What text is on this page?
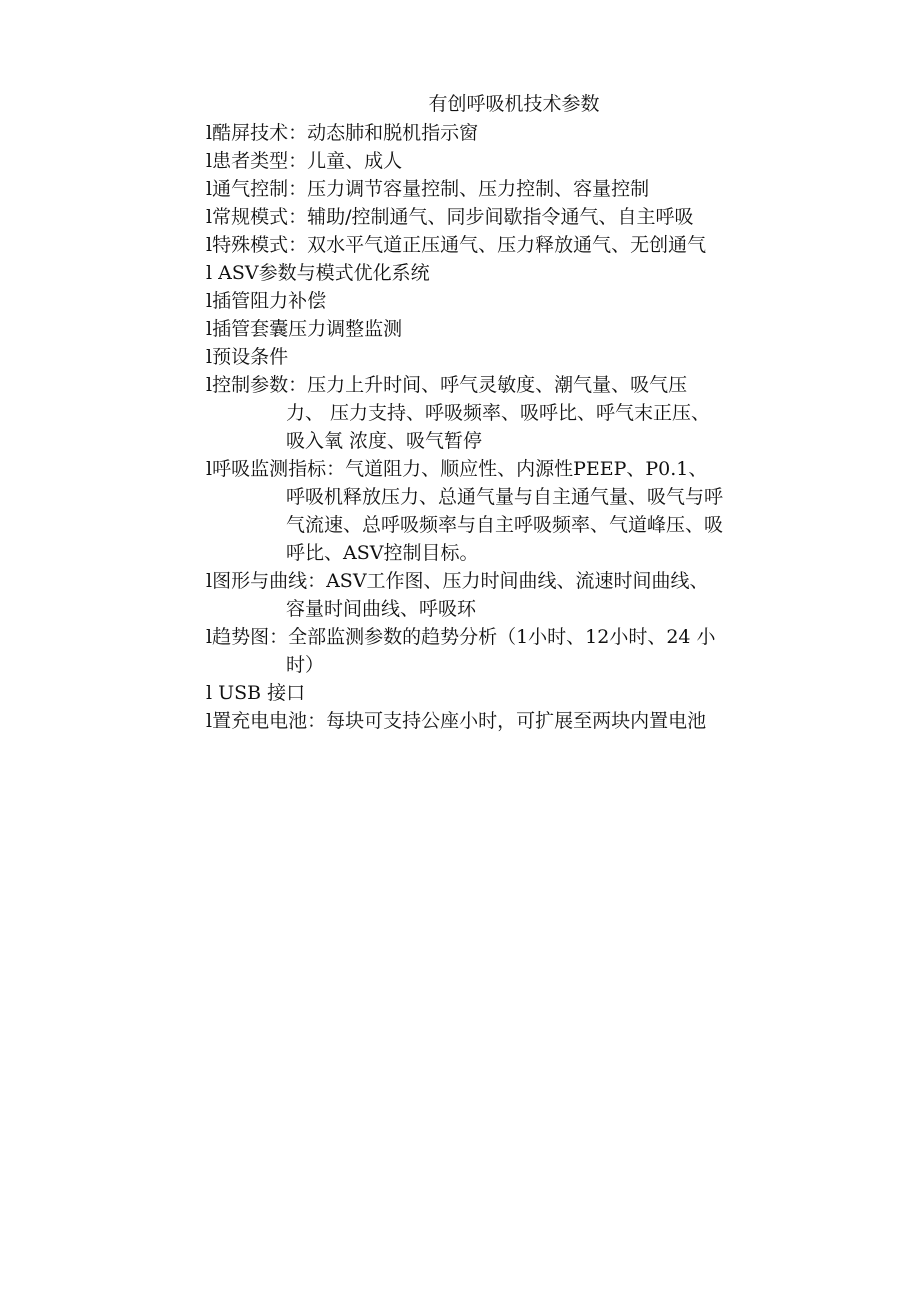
有创呼吸机技术参数
l酷屏技术：动态肺和脱机指示窗
l患者类型：儿童、成人
l通气控制：压力调节容量控制、压力控制、容量控制
l常规模式：辅助/控制通气、同步间歇指令通气、自主呼吸
l特殊模式：双水平气道正压通气、压力释放通气、无创通气
l ASV参数与模式优化系统
l插管阻力补偿
l插管套囊压力调整监测
l预设条件
l控制参数：压力上升时间、呼气灵敏度、潮气量、吸气压
力、 压力支持、呼吸频率、吸呼比、呼气末正压、
吸入氧 浓度、吸气暂停
l呼吸监测指标：气道阻力、顺应性、内源性PEEP、P0.1、
呼吸机释放压力、总通气量与自主通气量、吸气与呼
气流速、总呼吸频率与自主呼吸频率、气道峰压、吸
呼比、ASV控制目标。
l图形与曲线：ASV工作图、压力时间曲线、流速时间曲线、
容量时间曲线、呼吸环
l趋势图：全部监测参数的趋势分析（1小时、12小时、24 小
时）
l USB 接口
l置充电电池：每块可支持公座小时，可扩展至两块内置电池
